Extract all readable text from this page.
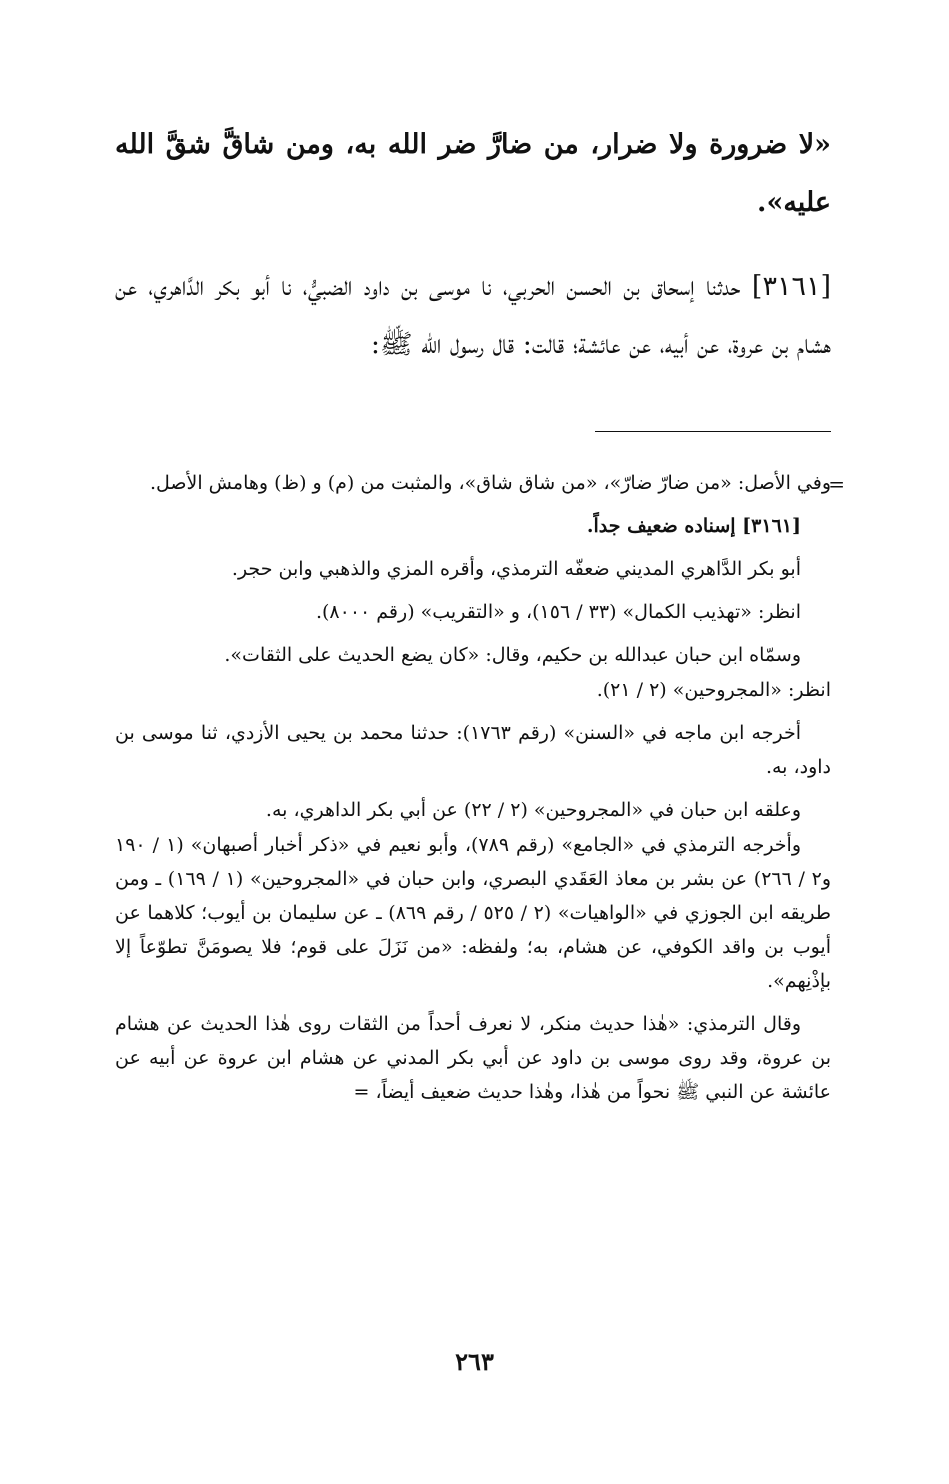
«لا ضرورة ولا ضرار، من ضارَّ ضر الله به، ومن شاقَّ شقَّ الله عليه».

[٣١٦١] حدثنا إسحاق بن الحسن الحربي، نا موسى بن داود الضبيُّ، نا أبو بكر الدَّاهري، عن هشام بن عروة، عن أبيه، عن عائشة؛ قالت: قال رسول الله ﷺ:

=

وفي الأصل: «من ضارّ ضارّ»، «من شاق شاق»، والمثبت من (م) و (ظ) وهامش الأصل.

[٣١٦١] إسناده ضعيف جداً.

أبو بكر الدَّاهري المديني ضعفّه الترمذي، وأقره المزي والذهبي وابن حجر.

انظر: «تهذيب الكمال» (٣٣ / ١٥٦)، و «التقريب» (رقم ٨٠٠٠).

وسمّاه ابن حبان عبدالله بن حكيم، وقال: «كان يضع الحديث على الثقات».

انظر: «المجروحين» (٢ / ٢١).

أخرجه ابن ماجه في «السنن» (رقم ١٧٦٣): حدثنا محمد بن يحيى الأزدي، ثنا موسى بن داود، به.

وعلقه ابن حبان في «المجروحين» (٢ / ٢٢) عن أبي بكر الداهري، به.

وأخرجه الترمذي في «الجامع» (رقم ٧٨٩)، وأبو نعيم في «ذكر أخبار أصبهان» (١ / ١٩٠ و٢ / ٢٦٦) عن بشر بن معاذ العَقَدي البصري، وابن حبان في «المجروحين» (١ / ١٦٩) ـ ومن طريقه ابن الجوزي في «الواهيات» (٢ / ٥٢٥ / رقم ٨٦٩) ـ عن سليمان بن أيوب؛ كلاهما عن أيوب بن واقد الكوفي، عن هشام، به؛ ولفظه: «من نَزَلَ على قوم؛ فلا يصومَنَّ تطوّعاً إلا بإذْنِهم».

وقال الترمذي: «هٰذا حديث منكر، لا نعرف أحداً من الثقات روى هٰذا الحديث عن هشام بن عروة، وقد روى موسى بن داود عن أبي بكر المدني عن هشام ابن عروة عن أبيه عن عائشة عن النبي ﷺ نحواً من هٰذا، وهٰذا حديث ضعيف أيضاً، =

٢٦٣
